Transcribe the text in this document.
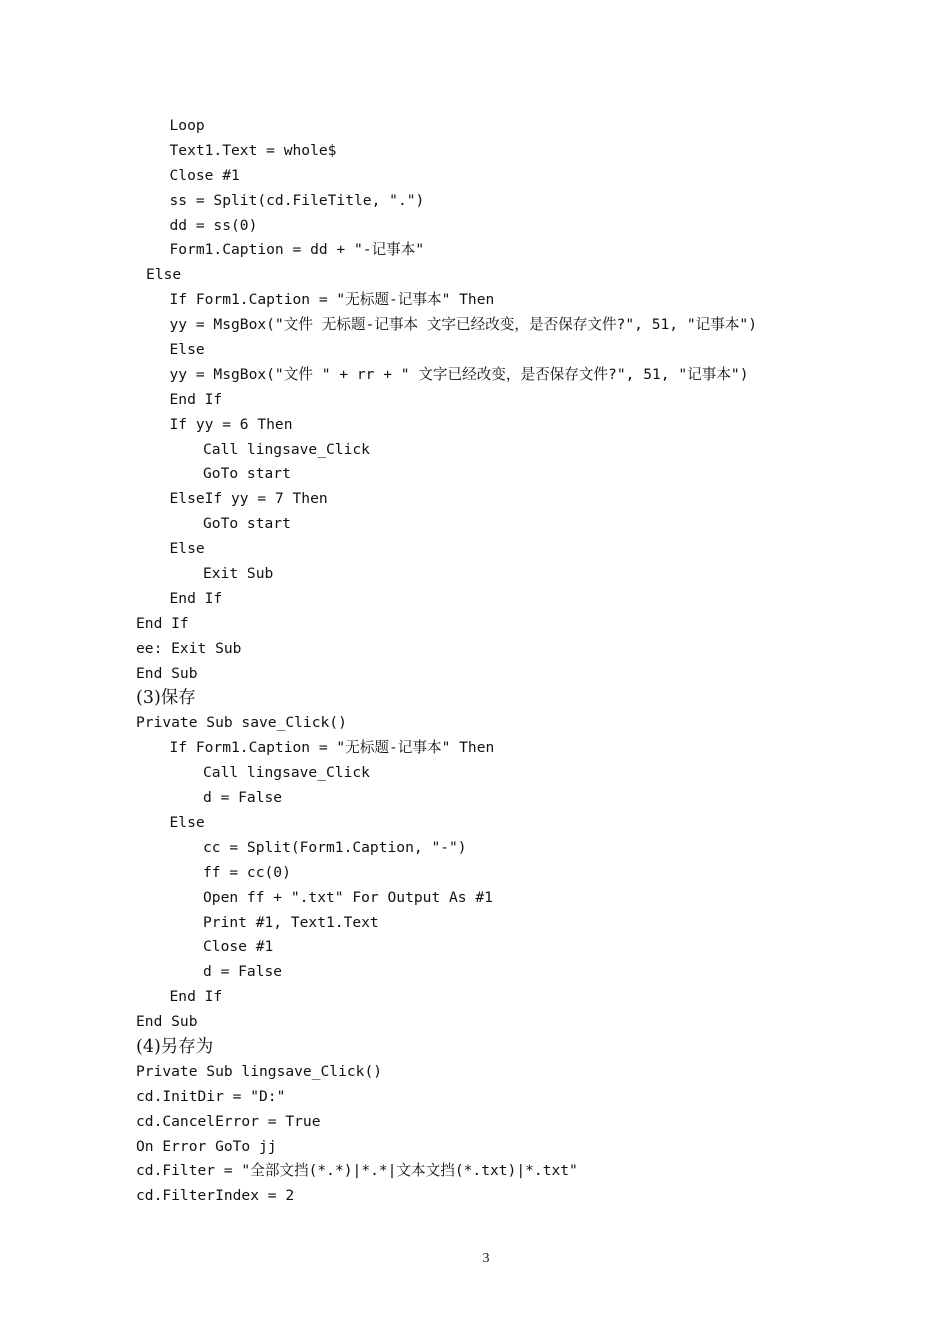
Loop
Text1.Text = whole$
Close #1
ss = Split(cd.FileTitle, ".")
dd = ss(0)
Form1.Caption = dd + "-记事本"
Else
If Form1.Caption = "无标题-记事本" Then
yy = MsgBox("文件 无标题-记事本 文字已经改变，是否保存文件?", 51, "记事本")
Else
yy = MsgBox("文件 " + rr + " 文字已经改变，是否保存文件?", 51, "记事本")
End If
If yy = 6 Then
Call lingsave_Click
GoTo start
ElseIf yy = 7 Then
GoTo start
Else
Exit Sub
End If
End If
ee: Exit Sub
End Sub
(3)保存
Private Sub save_Click()
If Form1.Caption = "无标题-记事本" Then
Call lingsave_Click
d = False
Else
cc = Split(Form1.Caption, "-")
ff = cc(0)
Open ff + ".txt" For Output As #1
Print #1, Text1.Text
Close #1
d = False
End If
End Sub
(4)另存为
Private Sub lingsave_Click()
cd.InitDir = "D:"
cd.CancelError = True
On Error GoTo jj
cd.Filter = "全部文挡(*.*)|*.*|文本文挡(*.txt)|*.txt"
cd.FilterIndex = 2
3
